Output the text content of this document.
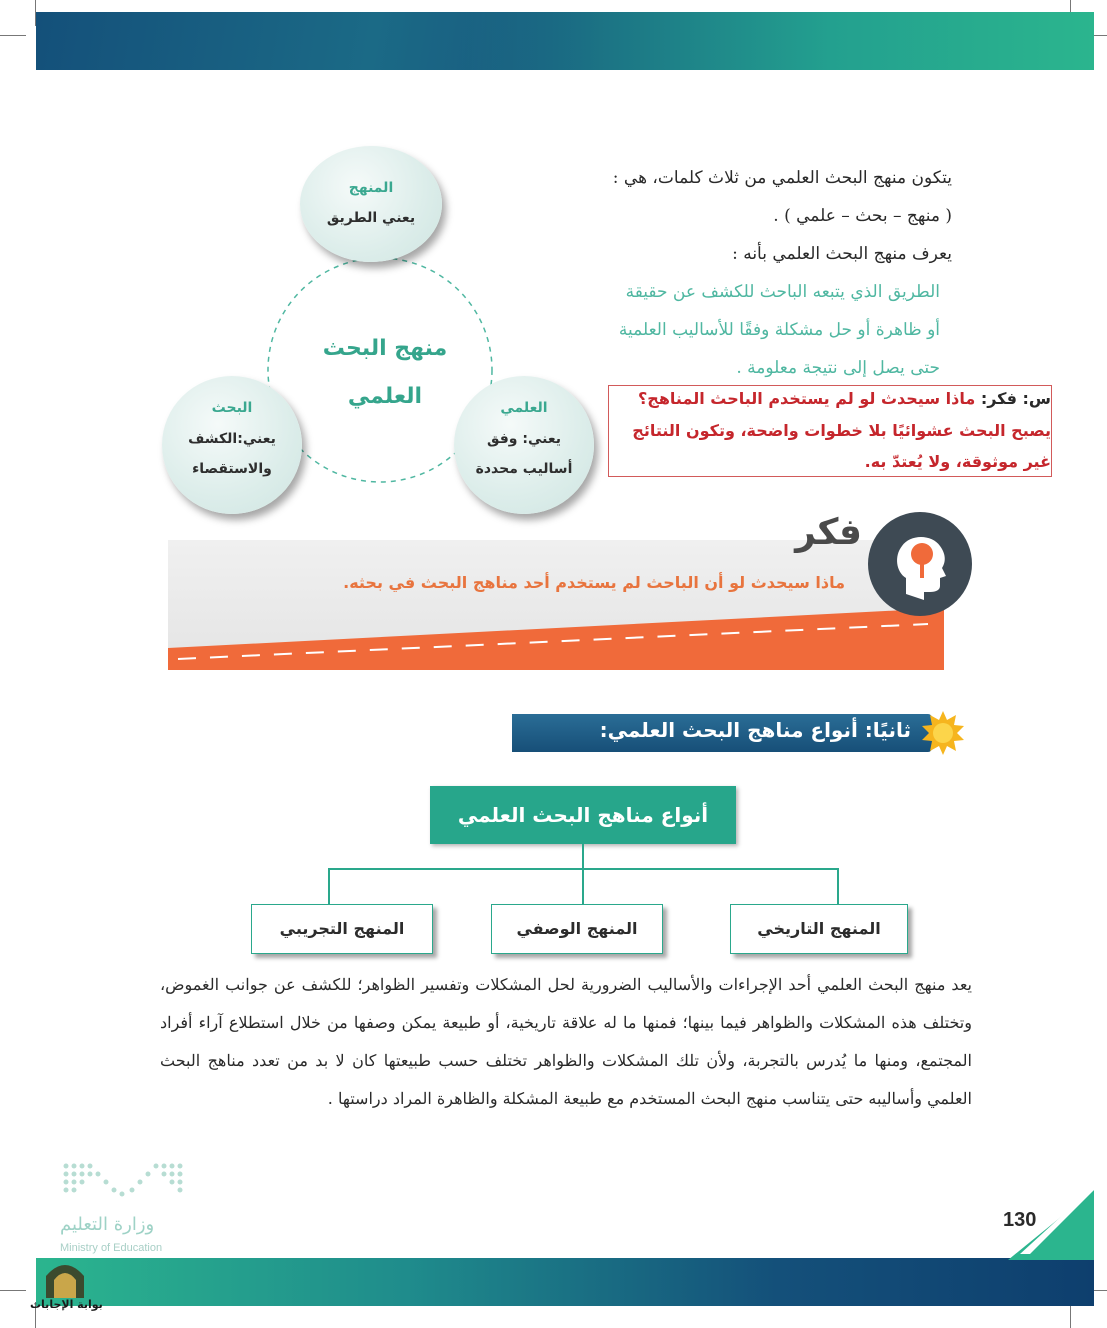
يتكون منهج البحث العلمي من ثلاث كلمات، هي :
( منهج – بحث – علمي ) .
يعرف منهج البحث العلمي بأنه :
الطريق الذي يتبعه الباحث للكشف عن حقيقة
أو ظاهرة أو حل مشكلة وفقًا للأساليب العلمية
حتى يصل إلى نتيجة معلومة .
س: فكر: ماذا سيحدث لو لم يستخدم الباحث المناهج؟
يصبح البحث عشوائيًا بلا خطوات واضحة، وتكون النتائج
غير موثوقة، ولا يُعتدّ به.
منهج البحث
العلمي
المنهج
يعني الطريق
البحث
يعني:الكشف
والاستقصاء
العلمي
يعني: وفق
أساليب محددة
فكر
ماذا سيحدث لو أن الباحث لم يستخدم أحد مناهج البحث في بحثه.
ثانيًا: أنواع مناهج البحث العلمي:
أنواع مناهج البحث العلمي
المنهج التاريخي
المنهج الوصفي
المنهج التجريبي
يعد منهج البحث العلمي أحد الإجراءات والأساليب الضرورية لحل المشكلات وتفسير الظواهر؛ للكشف عن جوانب الغموض، وتختلف هذه المشكلات والظواهر فيما بينها؛ فمنها ما له علاقة تاريخية، أو طبيعة يمكن وصفها من خلال استطلاع آراء أفراد المجتمع، ومنها ما يُدرس بالتجربة، ولأن تلك المشكلات والظواهر تختلف حسب طبيعتها كان لا بد من تعدد مناهج البحث العلمي وأساليبه حتى يتناسب منهج البحث المستخدم مع طبيعة المشكلة والظاهرة المراد دراستها .
130
وزارة التعليم
Ministry of Education
بوابة الإجابات
